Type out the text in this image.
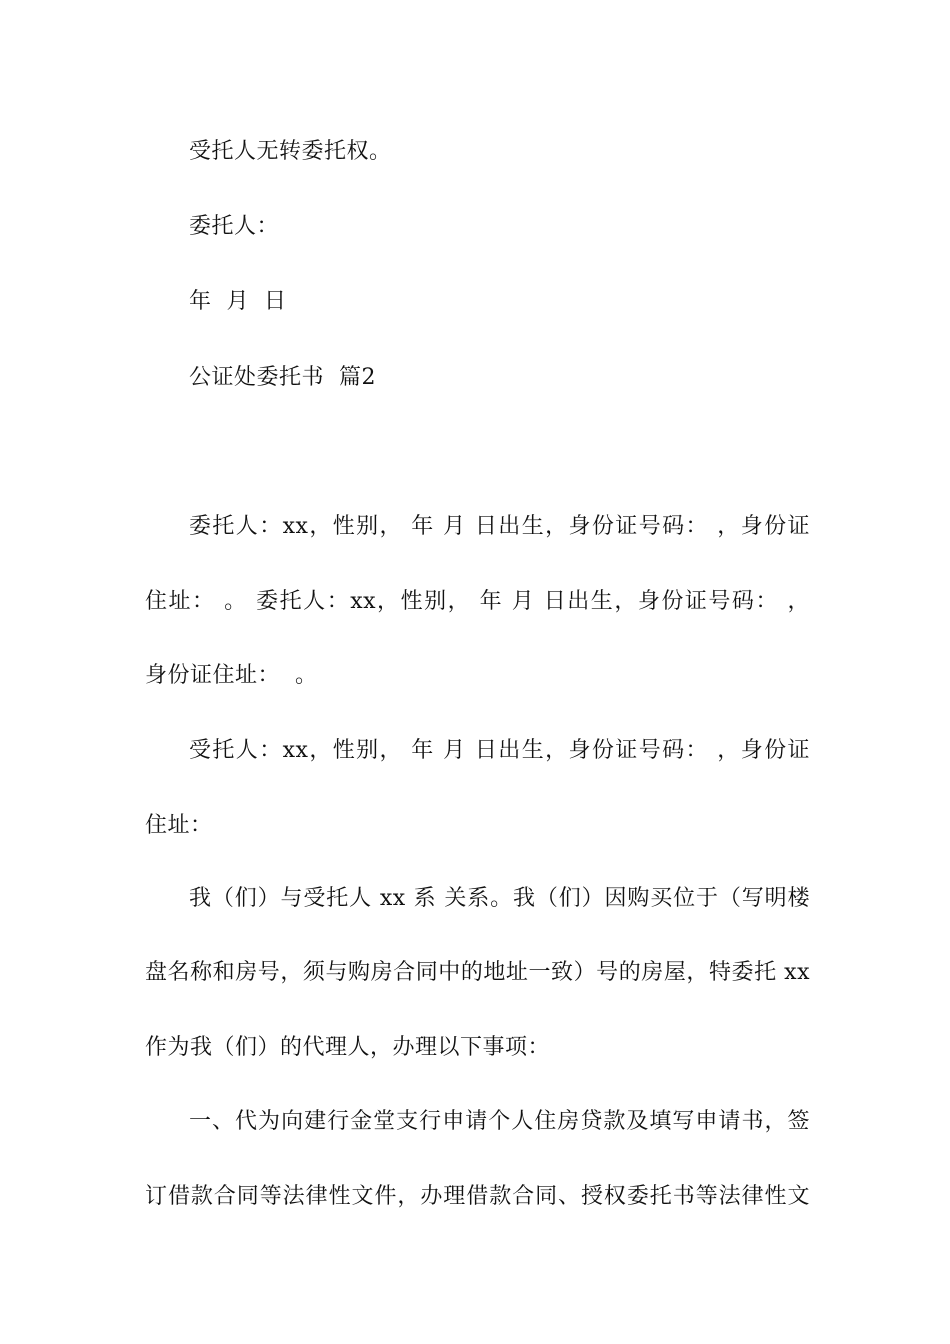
受托人无转委托权。
委托人：
年  月  日
公证处委托书  篇2
委托人：xx，性别， 年 月 日出生，身份证号码： ，身份证
住址： 。 委托人：xx，性别， 年 月 日出生，身份证号码： ，
身份证住址：  。
受托人：xx，性别， 年 月 日出生，身份证号码： ，身份证
住址：
我（们）与受托人 xx 系 关系。我（们）因购买位于（写明楼
盘名称和房号，须与购房合同中的地址一致）号的房屋，特委托 xx
作为我（们）的代理人，办理以下事项：
一、代为向建行金堂支行申请个人住房贷款及填写申请书，签
订借款合同等法律性文件，办理借款合同、授权委托书等法律性文
